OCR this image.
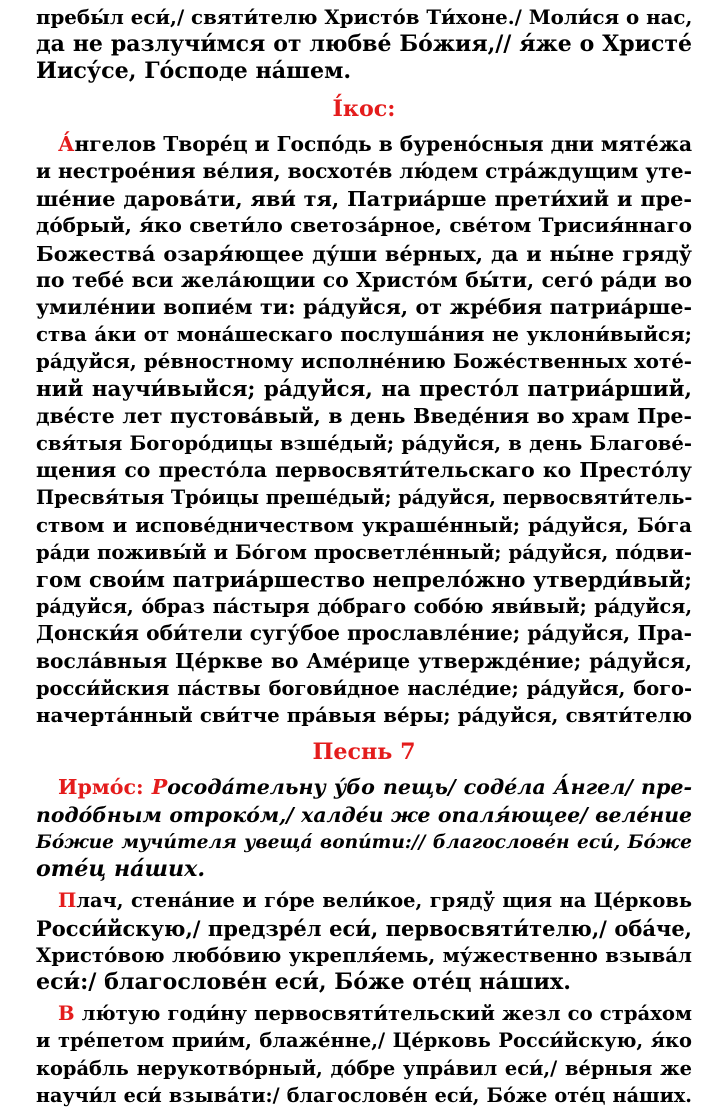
пребы́л еси́,/ святи́телю Христо́в Ти́хоне./ Моли́ся о нас,
да не разлучи́мся от любве́ Бо́жия,// я́же о Христе́
Иису́се, Го́споде на́шем.
І́кос:
А́нгелов Творе́ц и Госпо́дь в бурено́сныя дни мяте́жа
и нестрое́ния ве́лия, восхоте́в лю́дем стра́ждущим уте-
ше́ние дарова́ти, яви́ тя, Патриа́рше прети́хий и пре-
до́брый, я́ко свети́ло светоза́рное, све́том Трисия́ннаго
Божества́ озаря́ющее ду́ши ве́рных, да и ны́не грядў
по тебе́ вси жела́ющии со Христо́м бы́ти, сего́ ра́ди во
умиле́нии вопие́м ти: ра́дуйся, от жре́бия патриа́рше-
ства а́ки от мона́шескаго послуша́ния не уклони́выйся;
ра́дуйся, ре́вностному исполне́нию Боже́ственных хоте́-
ний научи́выйся; ра́дуйся, на престо́л патриа́рший,
две́сте лет пустова́вый, в день Введе́ния во храм Пре-
свя́тыя Богоро́дицы взше́дый; ра́дуйся, в день Благове́-
щения со престо́ла первосвяти́тельскаго ко Престо́лу
Пресвя́тыя Тро́ицы преше́дый; ра́дуйся, первосвяти́тель-
ством и испове́дничеством украше́нный; ра́дуйся, Бо́га
ра́ди поживы́й и Бо́гом просветле́нный; ра́дуйся, по́дви-
гом свои́м патриа́ршество непрело́жно утверди́вый;
ра́дуйся, о́браз па́стыря до́браго собо́ю яви́вый; ра́дуйся,
Донски́я оби́тели сугу́бое прославле́ние; ра́дуйся, Пра-
восла́вныя Це́ркве во Аме́рице утвержде́ние; ра́дуйся,
росси́йския па́ствы богови́дное насле́дие; ра́дуйся, бого-
начерта́нный сви́тче пра́выя ве́ры; ра́дуйся, святи́телю
Песнь 7
Ирмо́с: Росода́тельну у́бо пещь/ соде́ла А́нгел/ пре-
подо́бным отроко́м,/ халде́и же опаля́ющее/ веле́ние
Бо́жие мучи́теля увеща́ вопи́ти:// благослове́н еси́, Бо́же
оте́ц на́ших.
Плач, стена́ние и го́ре вели́кое, грядў щия на Це́рковь
Росси́йскую,/ предзре́л еси́, первосвяти́телю,/ оба́че,
Христо́вою любо́вию укрепля́емь, му́жественно взыва́л
еси́:/ благослове́н еси́, Бо́же оте́ц на́ших.
В лю́тую годи́ну первосвяти́тельский жезл со стра́хом
и тре́петом прии́м, блаже́нне,/ Це́рковь Росси́йскую, я́ко
кора́бль нерукотво́рный, до́бре упра́вил еси́,/ ве́рныя же
научи́л еси́ взыва́ти:/ благослове́н еси́, Бо́же оте́ц на́ших.
